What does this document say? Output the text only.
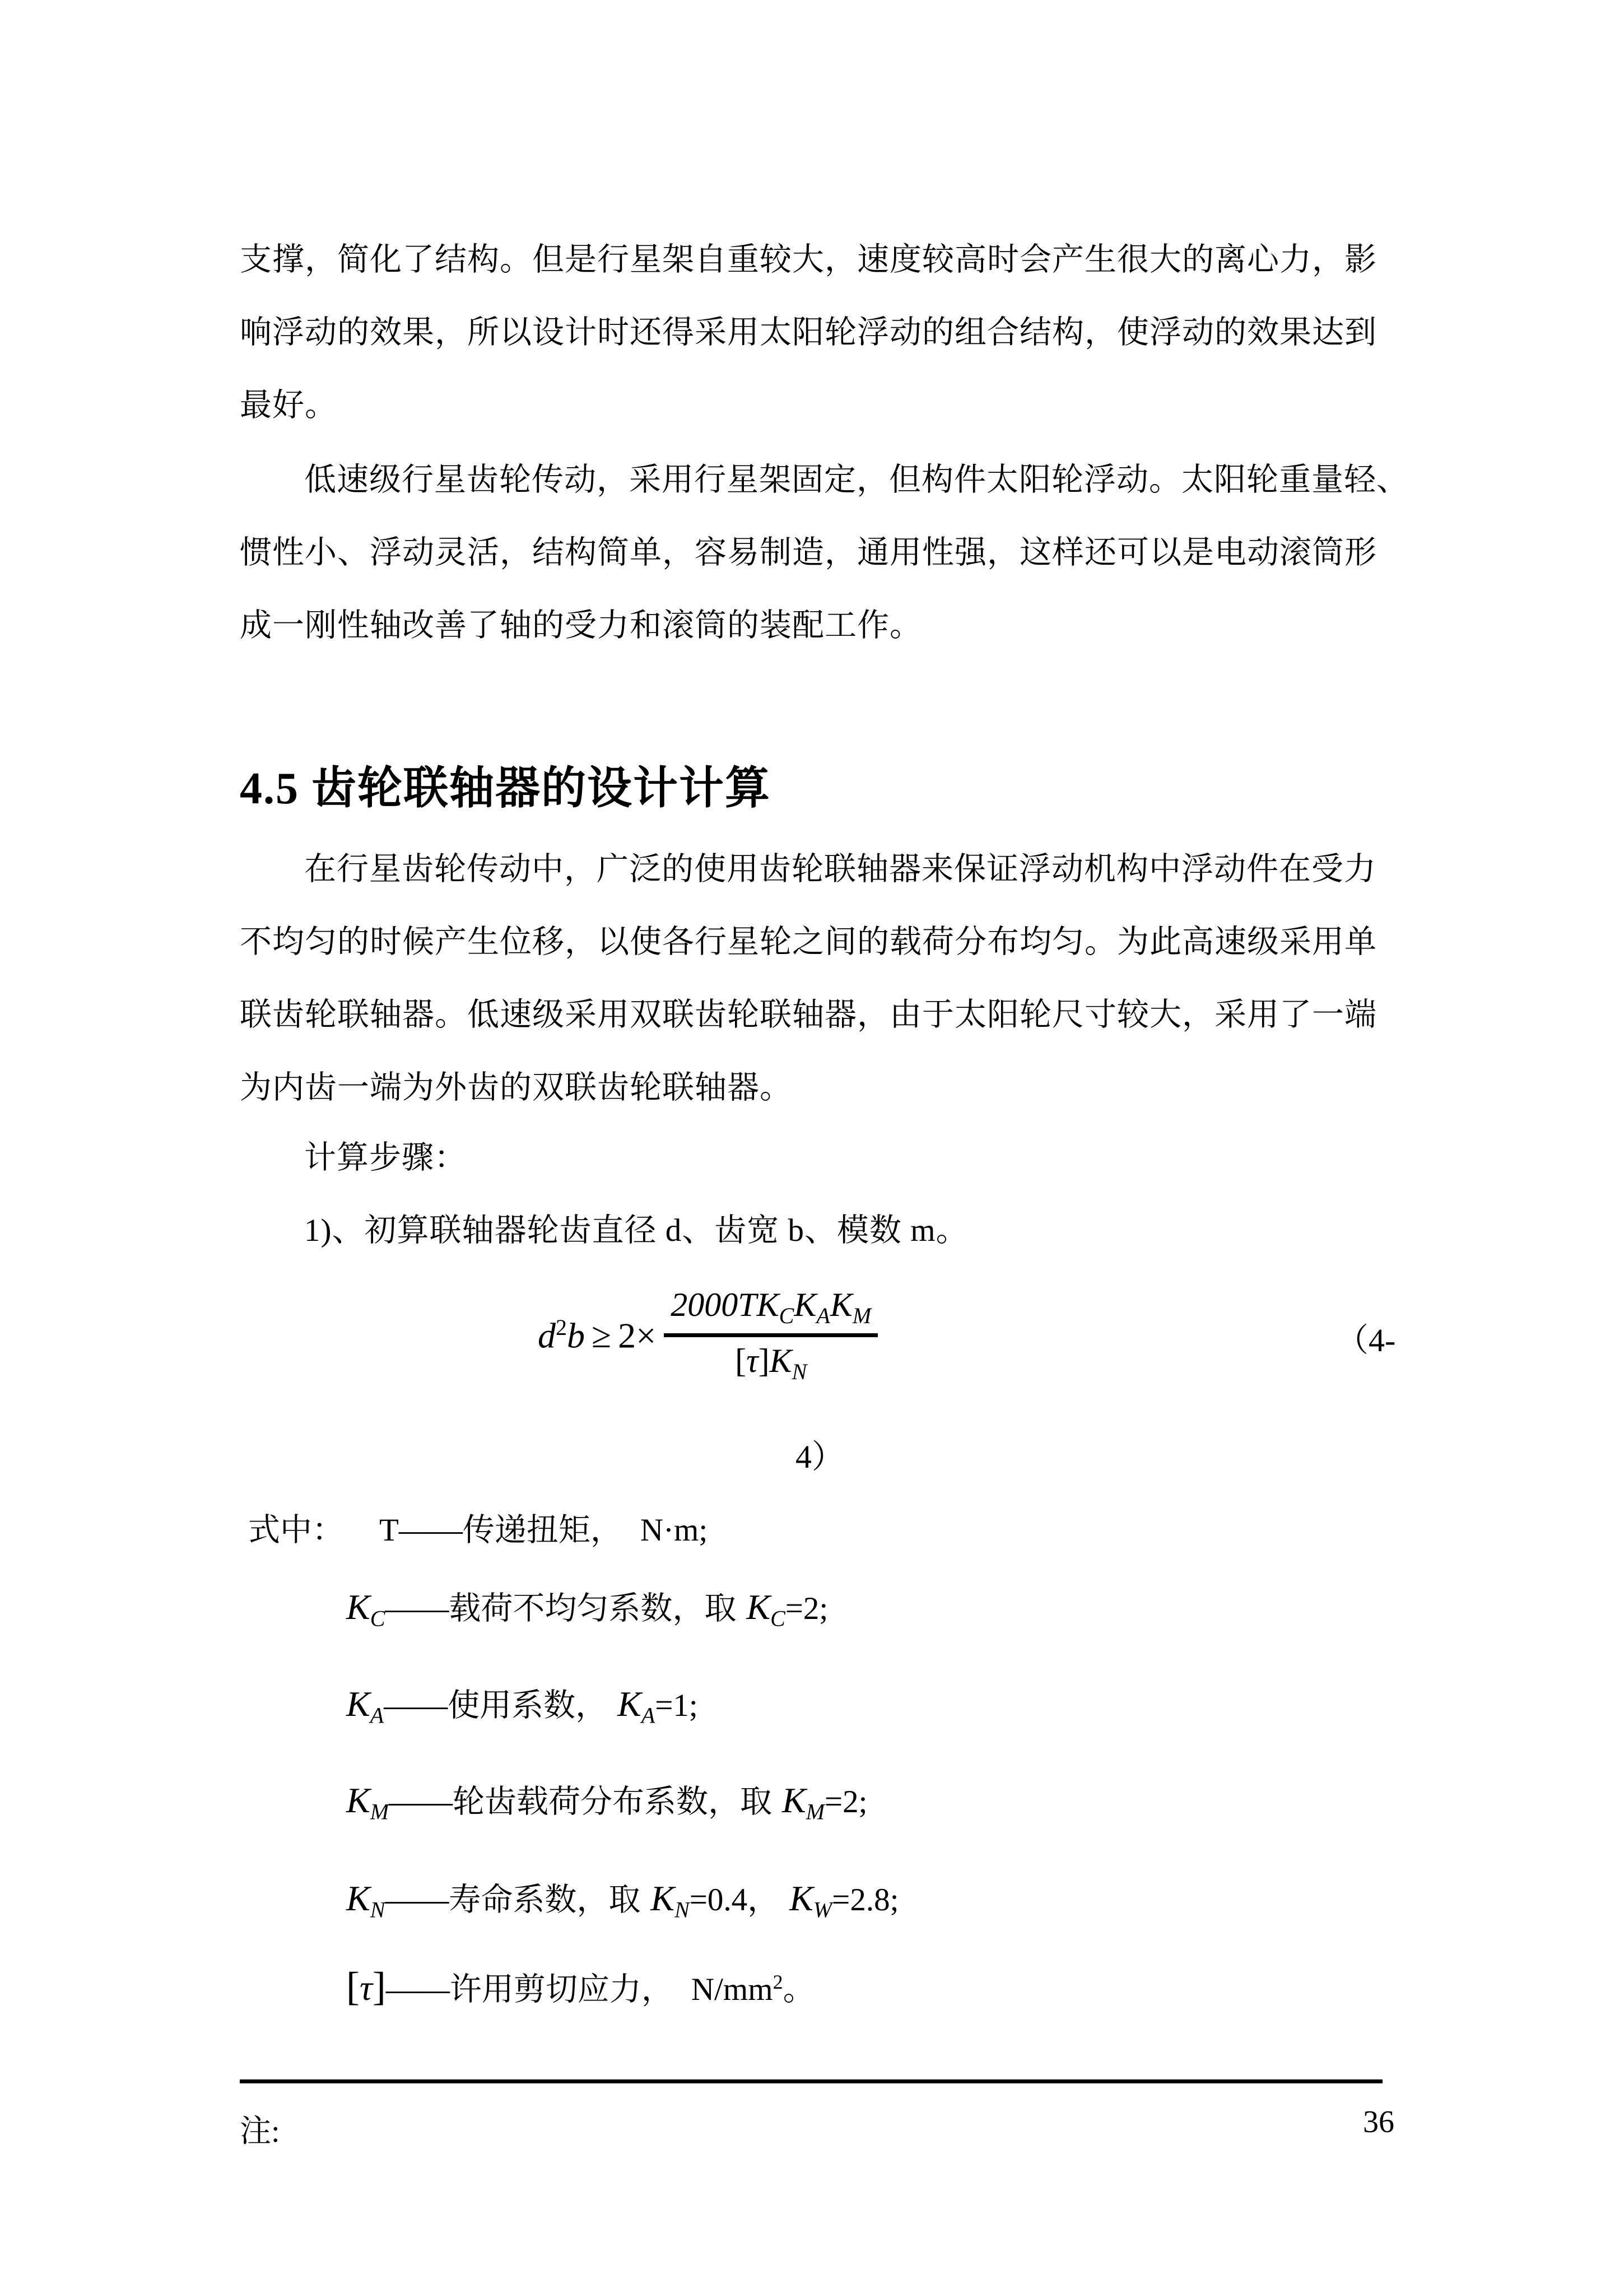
支撑，简化了结构。但是行星架自重较大，速度较高时会产生很大的离心力，影
响浮动的效果，所以设计时还得采用太阳轮浮动的组合结构，使浮动的效果达到
最好。
低速级行星齿轮传动，采用行星架固定，但构件太阳轮浮动。太阳轮重量轻、
惯性小、浮动灵活，结构简单，容易制造，通用性强，这样还可以是电动滚筒形
成一刚性轴改善了轴的受力和滚筒的装配工作。
4.5 齿轮联轴器的设计计算
在行星齿轮传动中，广泛的使用齿轮联轴器来保证浮动机构中浮动件在受力
不均匀的时候产生位移，以使各行星轮之间的载荷分布均匀。为此高速级采用单
联齿轮联轴器。低速级采用双联齿轮联轴器，由于太阳轮尺寸较大，采用了一端
为内齿一端为外齿的双联齿轮联轴器。
计算步骤：
1)、初算联轴器轮齿直径 d、齿宽 b、模数 m。
$d^2b \ge 2\times \frac{2000TK_CK_AK_M}{[\tau]K_N}$	（4-
4）
式中： T——传递扭矩， N·m;
$K_C——$载荷不均匀系数，取 $K_C=2$;
$K_A——$使用系数， $K_A=1$;
$K_M——$轮齿载荷分布系数，取 $K_M=2$;
$K_N——$寿命系数，取 $K_N=0.4$， $K_W=2.8$;
[τ]——许用剪切应力， $N/mm^2$。
注:	36
